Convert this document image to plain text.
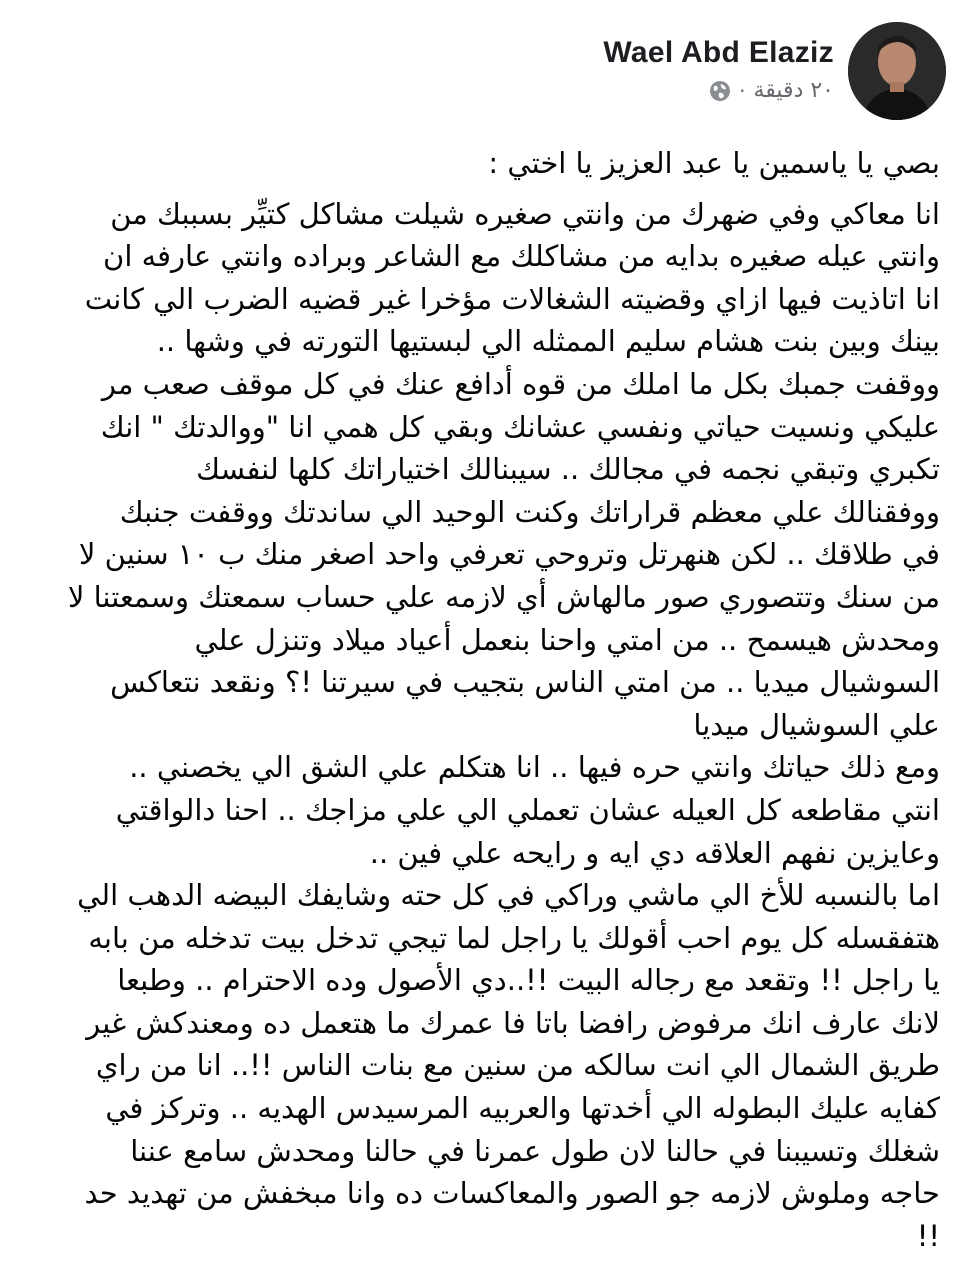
Wael Abd Elaziz
٢٠ دقيقة
·
بصي يا ياسمين يا عبد العزيز يا اختي :
انا معاكي وفي ضهرك من وانتي صغيره شيلت مشاكل كتيِّر بسببك من
وانتي عيله صغيره بدايه من مشاكلك مع الشاعر وبراده وانتي عارفه ان
انا اتاذيت فيها ازاي وقضيته الشغالات مؤخرا غير قضيه الضرب الي كانت
بينك وبين بنت هشام سليم الممثله الي لبستيها التورته في وشها ..
ووقفت جمبك بكل ما املك من قوه أدافع عنك في كل موقف صعب مر
عليكي ونسيت حياتي ونفسي عشانك وبقي كل همي انا "ووالدتك " انك
تكبري وتبقي نجمه في مجالك .. سيبنالك اختياراتك كلها لنفسك
ووفقنالك علي معظم قراراتك وكنت الوحيد الي ساندتك ووقفت جنبك
في طلاقك .. لكن هنهرتل وتروحي تعرفي واحد اصغر منك ب ١٠ سنين لا
من سنك وتتصوري صور مالهاش أي لازمه علي حساب سمعتك وسمعتنا لا
ومحدش هيسمح .. من امتي واحنا بنعمل أعياد ميلاد وتنزل علي
السوشيال ميديا .. من امتي الناس بتجيب في سيرتنا !؟ ونقعد نتعاكس
علي السوشيال ميديا
ومع ذلك حياتك وانتي حره فيها .. انا هتكلم علي الشق الي يخصني ..
انتي مقاطعه كل العيله عشان تعملي الي علي مزاجك .. احنا دالواقتي
وعايزين نفهم العلاقه دي ايه و رايحه علي فين ..
اما بالنسبه للأخ الي ماشي وراكي في كل حته وشايفك البيضه الدهب الي
هتفقسله كل يوم احب أقولك يا راجل لما تيجي تدخل بيت تدخله من بابه
يا راجل !! وتقعد مع رجاله البيت !!..دي الأصول وده الاحترام .. وطبعا
لانك عارف انك مرفوض رافضا باتا فا عمرك ما هتعمل ده ومعندكش غير
طريق الشمال الي انت سالكه من سنين مع بنات الناس !!.. انا من راي
كفايه عليك البطوله الي أخدتها والعربيه المرسيدس الهديه .. وتركز في
شغلك وتسيبنا في حالنا لان طول عمرنا في حالنا ومحدش سامع عننا
حاجه وملوش لازمه جو الصور والمعاكسات ده وانا مبخفش من تهديد حد
!!
